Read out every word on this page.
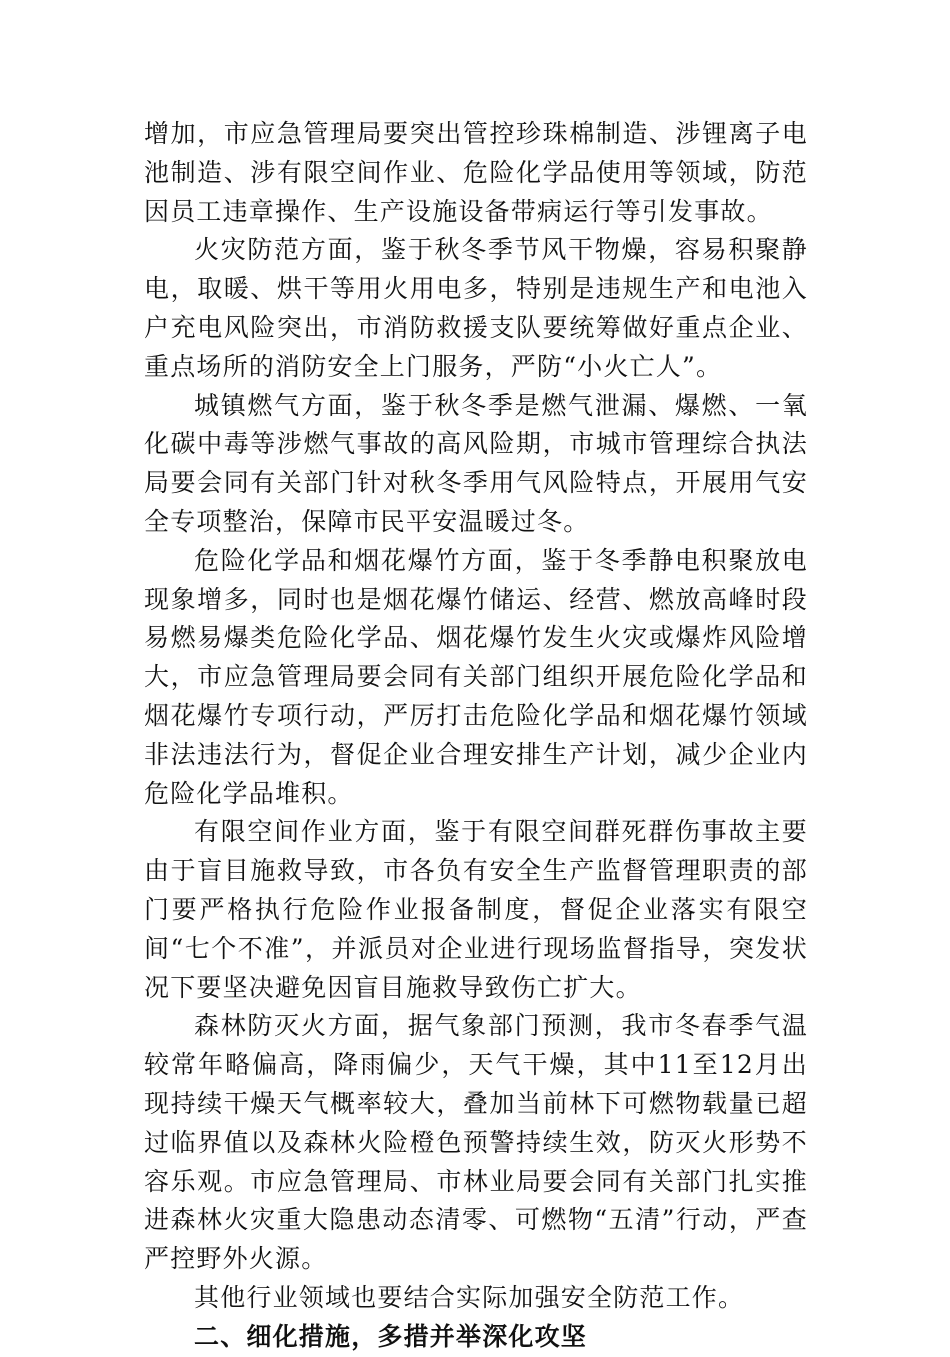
增加，市应急管理局要突出管控珍珠棉制造、涉锂离子电池制造、涉有限空间作业、危险化学品使用等领域，防范因员工违章操作、生产设施设备带病运行等引发事故。

火灾防范方面，鉴于秋冬季节风干物燥，容易积聚静电，取暖、烘干等用火用电多，特别是违规生产和电池入户充电风险突出，市消防救援支队要统筹做好重点企业、重点场所的消防安全上门服务，严防“小火亡人”。

城镇燃气方面，鉴于秋冬季是燃气泄漏、爆燃、一氧化碳中毒等涉燃气事故的高风险期，市城市管理综合执法局要会同有关部门针对秋冬季用气风险特点，开展用气安全专项整治，保障市民平安温暖过冬。

危险化学品和烟花爆竹方面，鉴于冬季静电积聚放电现象增多，同时也是烟花爆竹储运、经营、燃放高峰时段易燃易爆类危险化学品、烟花爆竹发生火灾或爆炸风险增大，市应急管理局要会同有关部门组织开展危险化学品和烟花爆竹专项行动，严厉打击危险化学品和烟花爆竹领域非法违法行为，督促企业合理安排生产计划，减少企业内危险化学品堆积。

有限空间作业方面，鉴于有限空间群死群伤事故主要由于盲目施救导致，市各负有安全生产监督管理职责的部门要严格执行危险作业报备制度，督促企业落实有限空间“七个不准”，并派员对企业进行现场监督指导，突发状况下要坚决避免因盲目施救导致伤亡扩大。

森林防灭火方面，据气象部门预测，我市冬春季气温较常年略偏高，降雨偏少，天气干燥，其中11至12月出现持续干燥天气概率较大，叠加当前林下可燃物载量已超过临界值以及森林火险橙色预警持续生效，防灭火形势不容乐观。市应急管理局、市林业局要会同有关部门扎实推进森林火灾重大隐患动态清零、可燃物“五清”行动，严查严控野外火源。

其他行业领域也要结合实际加强安全防范工作。

二、细化措施，多措并举深化攻坚
